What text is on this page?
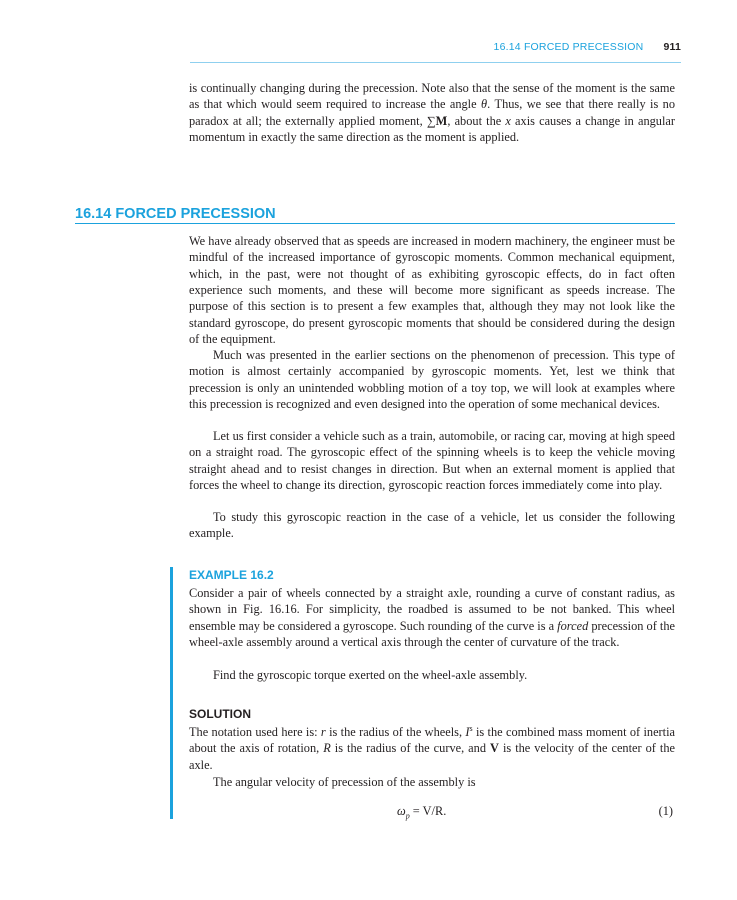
16.14 FORCED PRECESSION 911

is continually changing during the precession. Note also that the sense of the moment is the same as that which would seem required to increase the angle θ. Thus, we see that there really is no paradox at all; the externally applied moment, ∑M, about the x axis causes a change in angular momentum in exactly the same direction as the moment is applied.

16.14 FORCED PRECESSION

We have already observed that as speeds are increased in modern machinery, the engineer must be mindful of the increased importance of gyroscopic moments. Common mechanical equipment, which, in the past, were not thought of as exhibiting gyroscopic effects, do in fact often experience such moments, and these will become more significant as speeds increase. The purpose of this section is to present a few examples that, although they may not look like the standard gyroscope, do present gyroscopic moments that should be considered during the design of the equipment.

Much was presented in the earlier sections on the phenomenon of precession. This type of motion is almost certainly accompanied by gyroscopic moments. Yet, lest we think that precession is only an unintended wobbling motion of a toy top, we will look at examples where this precession is recognized and even designed into the operation of some mechanical devices.

Let us first consider a vehicle such as a train, automobile, or racing car, moving at high speed on a straight road. The gyroscopic effect of the spinning wheels is to keep the vehicle moving straight ahead and to resist changes in direction. But when an external moment is applied that forces the wheel to change its direction, gyroscopic reaction forces immediately come into play.

To study this gyroscopic reaction in the case of a vehicle, let us consider the following example.

EXAMPLE 16.2

Consider a pair of wheels connected by a straight axle, rounding a curve of constant radius, as shown in Fig. 16.16. For simplicity, the roadbed is assumed to be not banked. This wheel ensemble may be considered a gyroscope. Such rounding of the curve is a forced precession of the wheel-axle assembly around a vertical axis through the center of curvature of the track.

Find the gyroscopic torque exerted on the wheel-axle assembly.

SOLUTION

The notation used here is: r is the radius of the wheels, $I^s$ is the combined mass moment of inertia about the axis of rotation, R is the radius of the curve, and V is the velocity of the center of the axle.

The angular velocity of precession of the assembly is

$\omega_p = V/R$.	(1)
